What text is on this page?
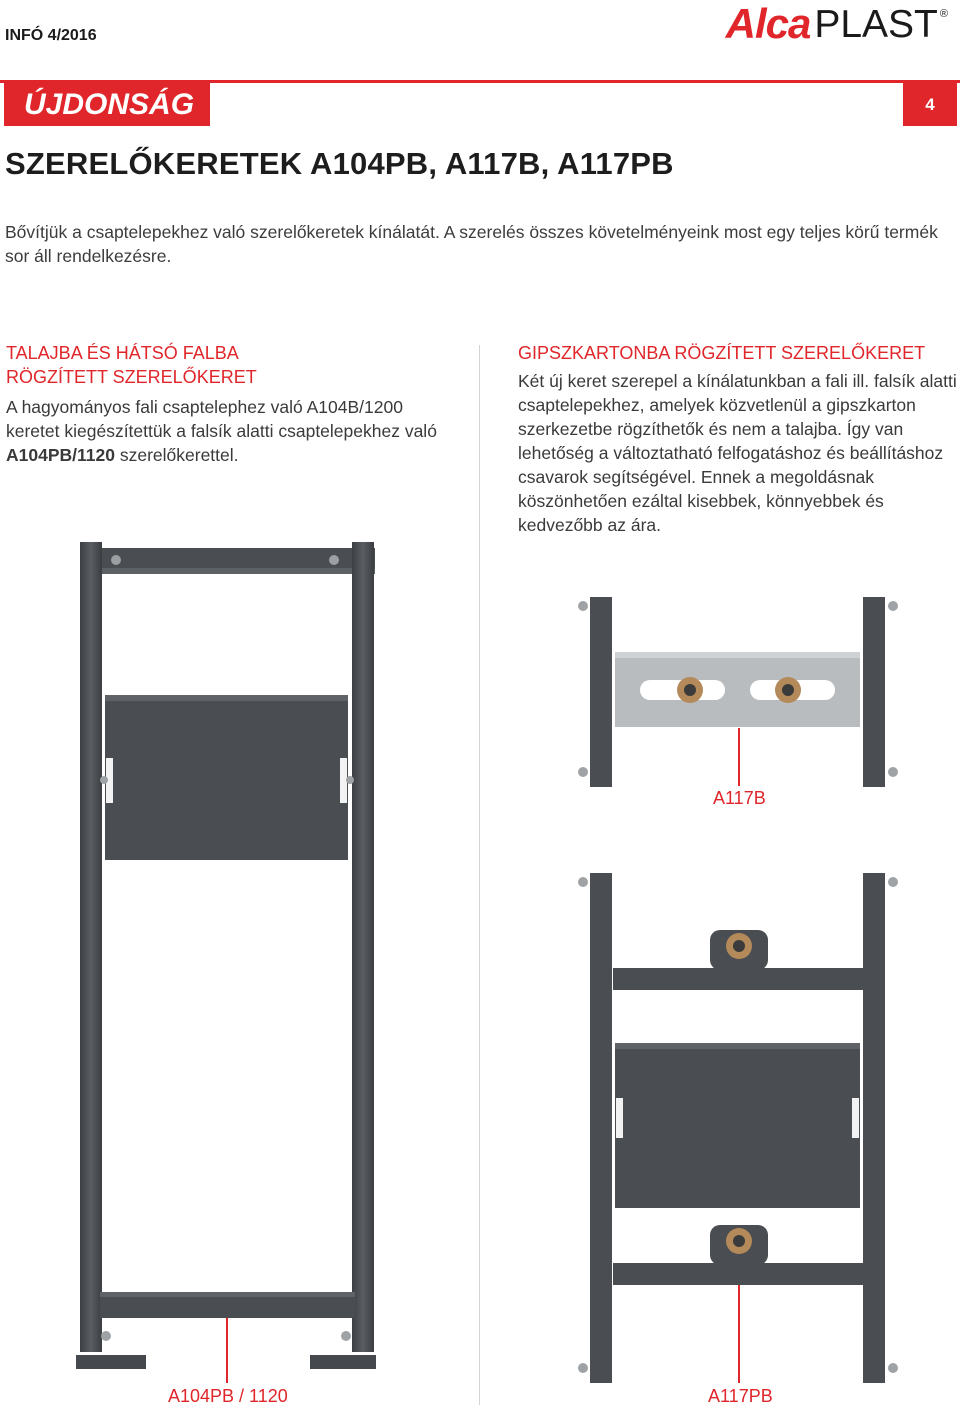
INFÓ 4/2016	Alca PLAST ®
ÚJDONSÁG	4
SZERELŐKERETEK A104PB, A117B, A117PB
Bővítjük a csaptelepekhez való szerelőkeretek kínálatát. A szerelés összes követelményeink most egy teljes körű termék sor áll rendelkezésre.
TALAJBA ÉS HÁTSÓ FALBA
RÖGZÍTETT SZERELŐKERET
A hagyományos fali csaptelephez való A104B/1200 keretet kiegészítettük a falsík alatti csaptelepekhez való A104PB/1120 szerelőkerettel.
GIPSZKARTONBA RÖGZÍTETT SZERELŐKERET
Két új keret szerepel a kínálatunkban a fali ill. falsík alatti csaptelepekhez, amelyek közvetlenül a gipszkarton szerkezetbe rögzíthetők és nem a talajba. Így van lehetőség a változtatható felfogatáshoz és beállításhoz csavarok segítségével. Ennek a megoldásnak köszönhetően ezáltal kisebbek, könnyebbek és kedvezőbb az ára.
A117B
A104PB / 1120	A117PB
